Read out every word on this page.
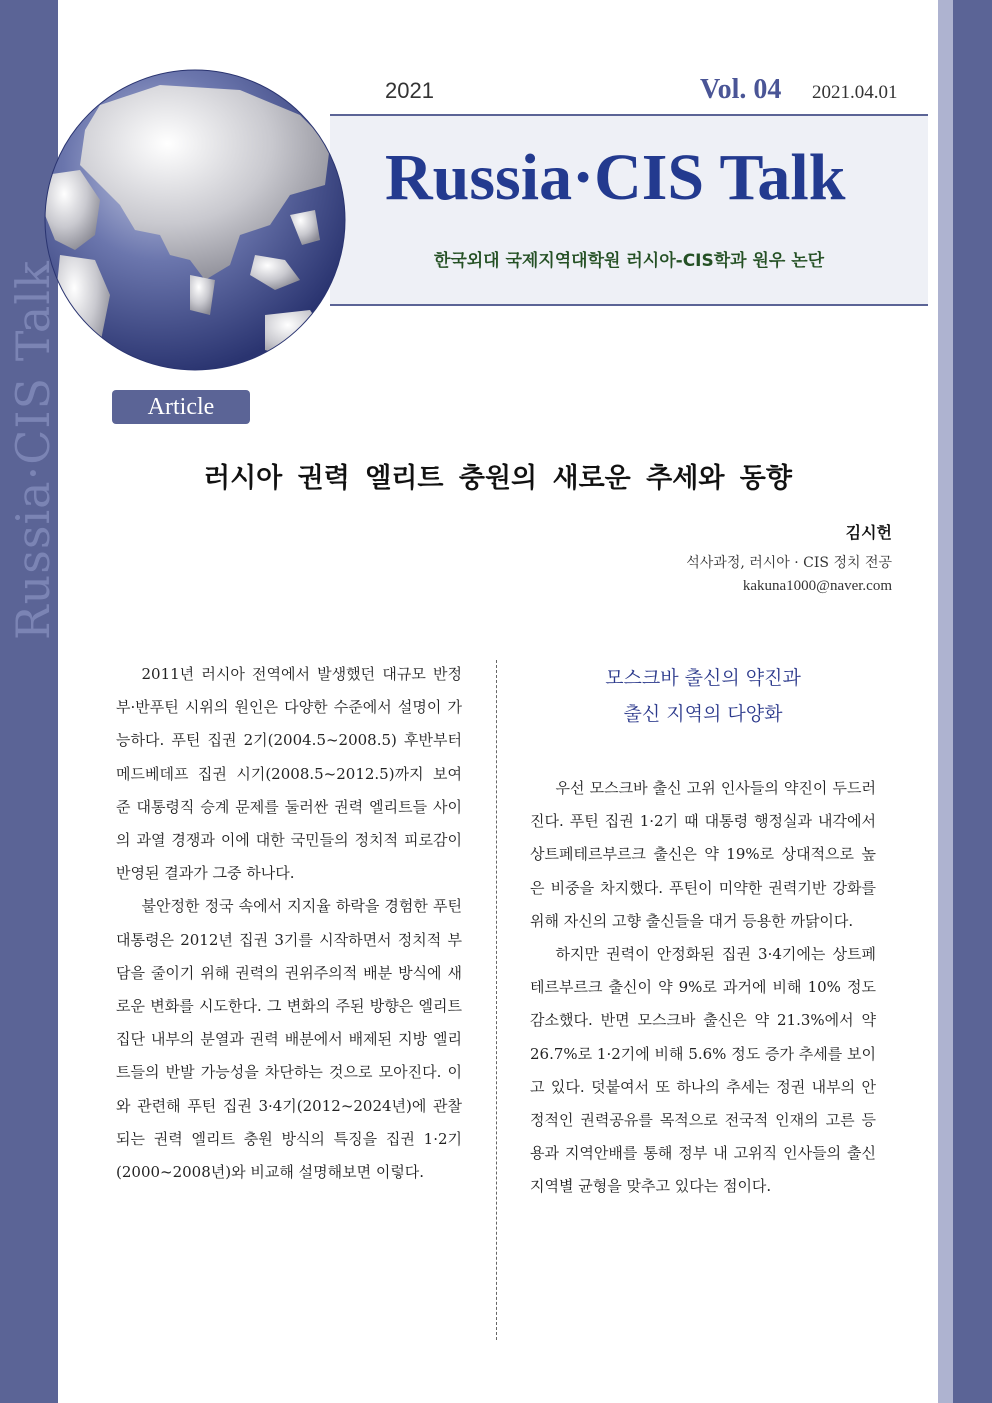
Russia·CIS Talk
2021	Vol. 04 2021.04.01
Russia·CIS Talk
한국외대 국제지역대학원 러시아-CIS학과 원우 논단
Article
러시아 권력 엘리트 충원의 새로운 추세와 동향
김시헌
석사과정, 러시아 · CIS 정치 전공
kakuna1000@naver.com

2011년 러시아 전역에서 발생했던 대규모 반정부·반푸틴 시위의 원인은 다양한 수준에서 설명이 가능하다. 푸틴 집권 2기(2004.5~2008.5) 후반부터 메드베데프 집권 시기(2008.5~2012.5)까지 보여준 대통령직 승계 문제를 둘러싼 권력 엘리트들 사이의 과열 경쟁과 이에 대한 국민들의 정치적 피로감이 반영된 결과가 그중 하나다.

불안정한 정국 속에서 지지율 하락을 경험한 푸틴 대통령은 2012년 집권 3기를 시작하면서 정치적 부담을 줄이기 위해 권력의 권위주의적 배분 방식에 새로운 변화를 시도한다. 그 변화의 주된 방향은 엘리트 집단 내부의 분열과 권력 배분에서 배제된 지방 엘리트들의 반발 가능성을 차단하는 것으로 모아진다. 이와 관련해 푸틴 집권 3·4기(2012~2024년)에 관찰되는 권력 엘리트 충원 방식의 특징을 집권 1·2기(2000~2008년)와 비교해 설명해보면 이렇다.

모스크바 출신의 약진과
출신 지역의 다양화

우선 모스크바 출신 고위 인사들의 약진이 두드러진다. 푸틴 집권 1·2기 때 대통령 행정실과 내각에서 상트페테르부르크 출신은 약 19%로 상대적으로 높은 비중을 차지했다. 푸틴이 미약한 권력기반 강화를 위해 자신의 고향 출신들을 대거 등용한 까닭이다.

하지만 권력이 안정화된 집권 3·4기에는 상트페테르부르크 출신이 약 9%로 과거에 비해 10% 정도 감소했다. 반면 모스크바 출신은 약 21.3%에서 약 26.7%로 1·2기에 비해 5.6% 정도 증가 추세를 보이고 있다. 덧붙여서 또 하나의 추세는 정권 내부의 안정적인 권력공유를 목적으로 전국적 인재의 고른 등용과 지역안배를 통해 정부 내 고위직 인사들의 출신지역별 균형을 맞추고 있다는 점이다.
